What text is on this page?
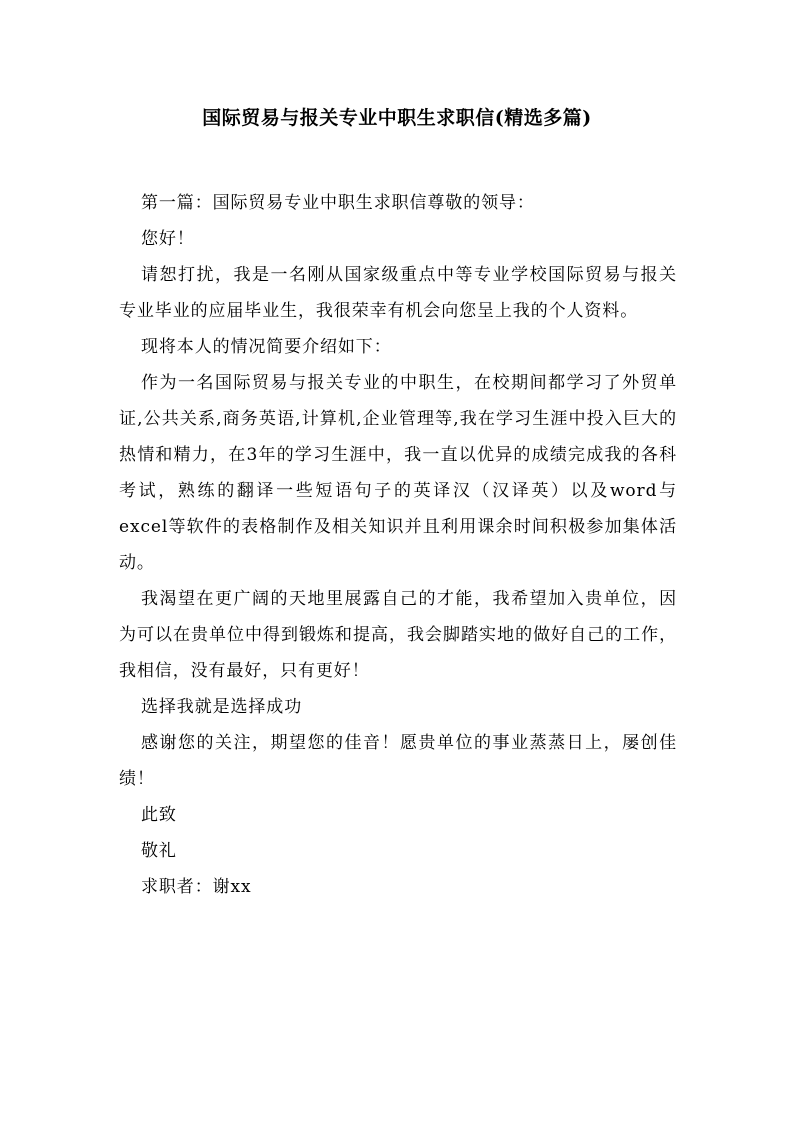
国际贸易与报关专业中职生求职信(精选多篇)

第一篇：国际贸易专业中职生求职信尊敬的领导：

您好！

请恕打扰，我是一名刚从国家级重点中等专业学校国际贸易与报关专业毕业的应届毕业生，我很荣幸有机会向您呈上我的个人资料。

现将本人的情况简要介绍如下：

作为一名国际贸易与报关专业的中职生，在校期间都学习了外贸单证,公共关系,商务英语,计算机,企业管理等,我在学习生涯中投入巨大的热情和精力，在3年的学习生涯中，我一直以优异的成绩完成我的各科考试，熟练的翻译一些短语句子的英译汉（汉译英）以及word与excel等软件的表格制作及相关知识并且利用课余时间积极参加集体活动。

我渴望在更广阔的天地里展露自己的才能，我希望加入贵单位，因为可以在贵单位中得到锻炼和提高，我会脚踏实地的做好自己的工作，我相信，没有最好，只有更好！

选择我就是选择成功

感谢您的关注，期望您的佳音！愿贵单位的事业蒸蒸日上，屡创佳绩！

此致

敬礼

求职者：谢xx
